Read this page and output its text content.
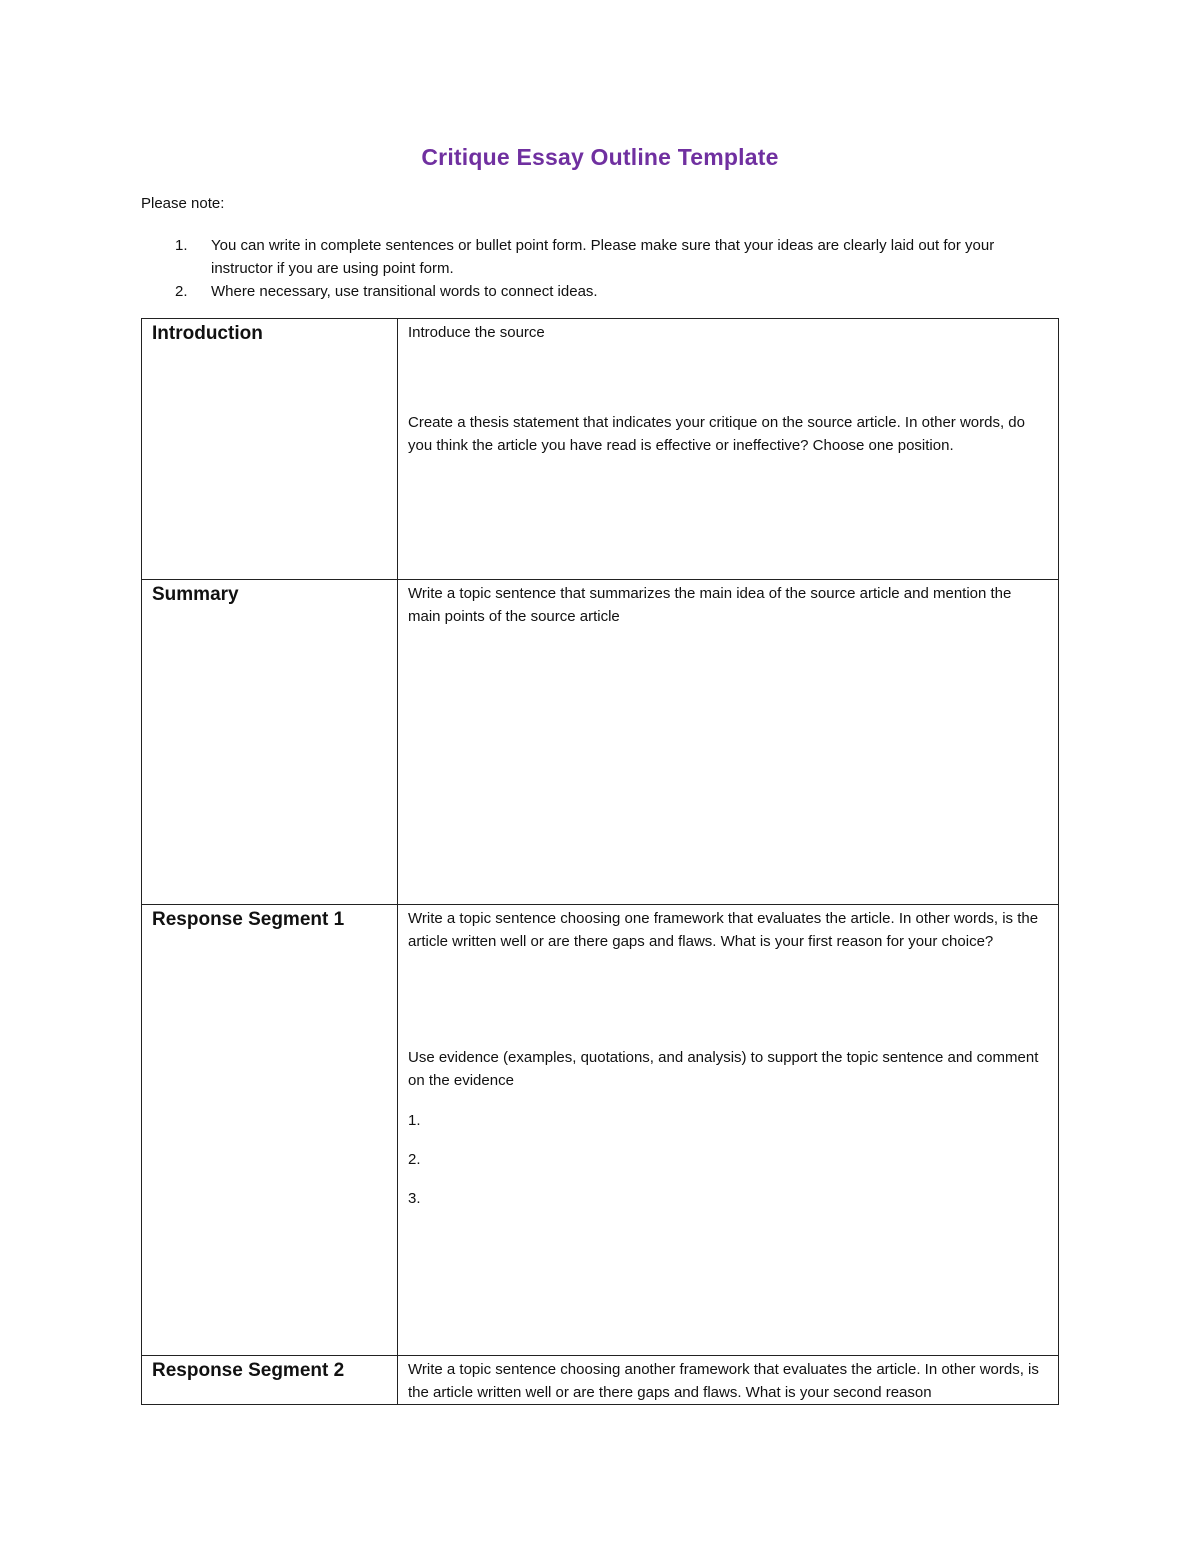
Critique Essay Outline Template
Please note:
1. You can write in complete sentences or bullet point form. Please make sure that your ideas are clearly laid out for your instructor if you are using point form.
2. Where necessary, use transitional words to connect ideas.
Introduction	Introduce the source

Create a thesis statement that indicates your critique on the source article. In other words, do you think the article you have read is effective or ineffective? Choose one position.

Summary	Write a topic sentence that summarizes the main idea of the source article and mention the main points of the source article

Response Segment 1	Write a topic sentence choosing one framework that evaluates the article. In other words, is the article written well or are there gaps and flaws. What is your first reason for your choice?

Use evidence (examples, quotations, and analysis) to support the topic sentence and comment on the evidence

1.
2.
3.

Response Segment 2	Write a topic sentence choosing another framework that evaluates the article. In other words, is the article written well or are there gaps and flaws. What is your second reason
